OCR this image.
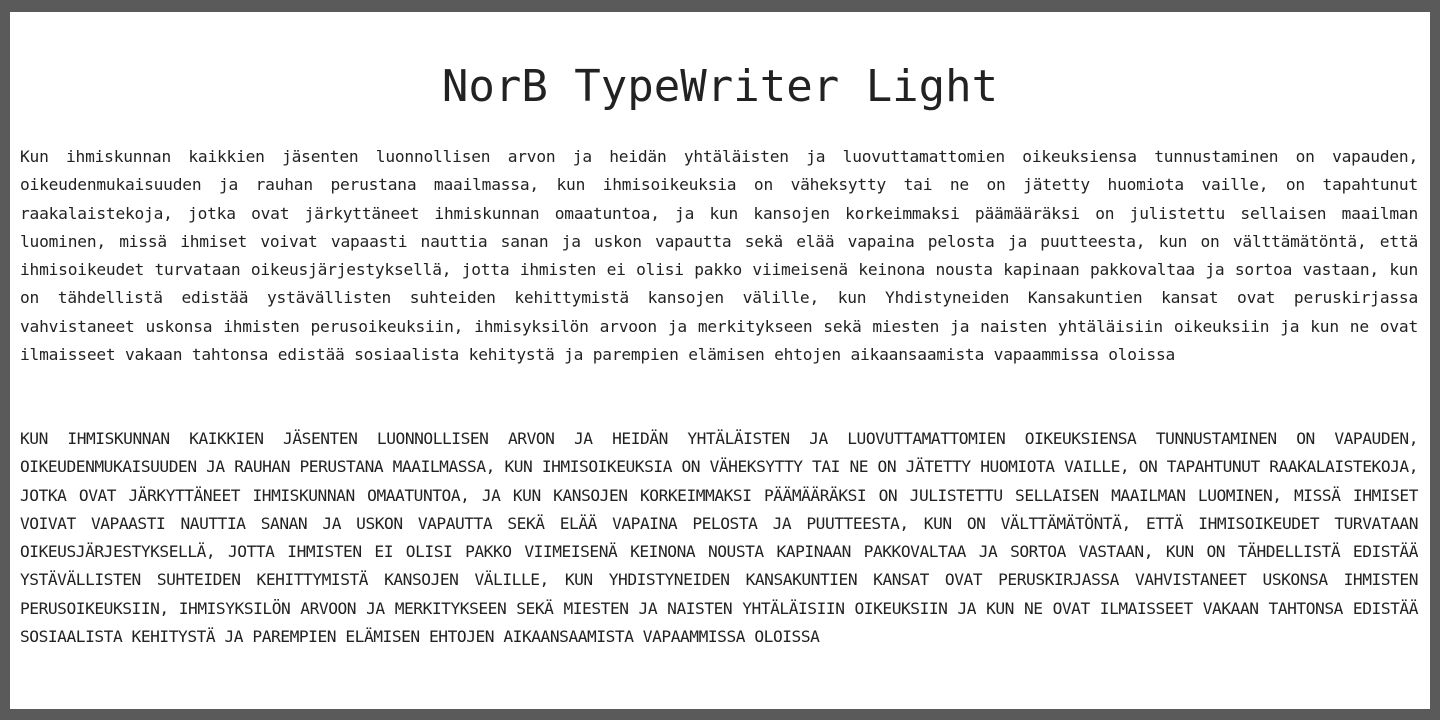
NorB TypeWriter Light

Kun ihmiskunnan kaikkien jäsenten luonnollisen arvon ja heidän yhtäläisten ja luovuttamattomien oikeuksiensa tunnustaminen on vapauden, oikeudenmukaisuuden ja rauhan perustana maailmassa, kun ihmisoikeuksia on väheksytty tai ne on jätetty huomiota vaille, on tapahtunut raakalaistekoja, jotka ovat järkyttäneet ihmiskunnan omaatuntoa, ja kun kansojen korkeimmaksi päämääräksi on julistettu sellaisen maailman luominen, missä ihmiset voivat vapaasti nauttia sanan ja uskon vapautta sekä elää vapaina pelosta ja puutteesta, kun on välttämätöntä, että ihmisoikeudet turvataan oikeusjärjestyksellä, jotta ihmisten ei olisi pakko viimeisenä keinona nousta kapinaan pakkovaltaa ja sortoa vastaan, kun on tähdellistä edistää ystävällisten suhteiden kehittymistä kansojen välille, kun Yhdistyneiden Kansakuntien kansat ovat peruskirjassa vahvistaneet uskonsa ihmisten perusoikeuksiin, ihmisyksilön arvoon ja merkitykseen sekä miesten ja naisten yhtäläisiin oikeuksiin ja kun ne ovat ilmaisseet vakaan tahtonsa edistää sosiaalista kehitystä ja parempien elämisen ehtojen aikaansaamista vapaammissa oloissa

KUN IHMISKUNNAN KAIKKIEN JÄSENTEN LUONNOLLISEN ARVON JA HEIDÄN YHTÄLÄISTEN JA LUOVUTTAMATTOMIEN OIKEUKSIENSA TUNNUSTAMINEN ON VAPAUDEN, OIKEUDENMUKAISUUDEN JA RAUHAN PERUSTANA MAAILMASSA, KUN IHMISOIKEUKSIA ON VÄHEKSYTTY TAI NE ON JÄTETTY HUOMIOTA VAILLE, ON TAPAHTUNUT RAAKALAISTEKOJA, JOTKA OVAT JÄRKYTTÄNEET IHMISKUNNAN OMAATUNTOA, JA KUN KANSOJEN KORKEIMMAKSI PÄÄMÄÄRÄKSI ON JULISTETTU SELLAISEN MAAILMAN LUOMINEN, MISSÄ IHMISET VOIVAT VAPAASTI NAUTTIA SANAN JA USKON VAPAUTTA SEKÄ ELÄÄ VAPAINA PELOSTA JA PUUTTEESTA, KUN ON VÄLTTÄMÄTÖNTÄ, ETTÄ IHMISOIKEUDET TURVATAAN OIKEUSJÄRJESTYKSELLÄ, JOTTA IHMISTEN EI OLISI PAKKO VIIMEISENÄ KEINONA NOUSTA KAPINAAN PAKKOVALTAA JA SORTOA VASTAAN, KUN ON TÄHDELLISTÄ EDISTÄÄ YSTÄVÄLLISTEN SUHTEIDEN KEHITTYMISTÄ KANSOJEN VÄLILLE, KUN YHDISTYNEIDEN KANSAKUNTIEN KANSAT OVAT PERUSKIRJASSA VAHVISTANEET USKONSA IHMISTEN PERUSOIKEUKSIIN, IHMISYKSILÖN ARVOON JA MERKITYKSEEN SEKÄ MIESTEN JA NAISTEN YHTÄLÄISIIN OIKEUKSIIN JA KUN NE OVAT ILMAISSEET VAKAAN TAHTONSA EDISTÄÄ SOSIAALISTA KEHITYSTÄ JA PAREMPIEN ELÄMISEN EHTOJEN AIKAANSAAMISTA VAPAAMMISSA OLOISSA
